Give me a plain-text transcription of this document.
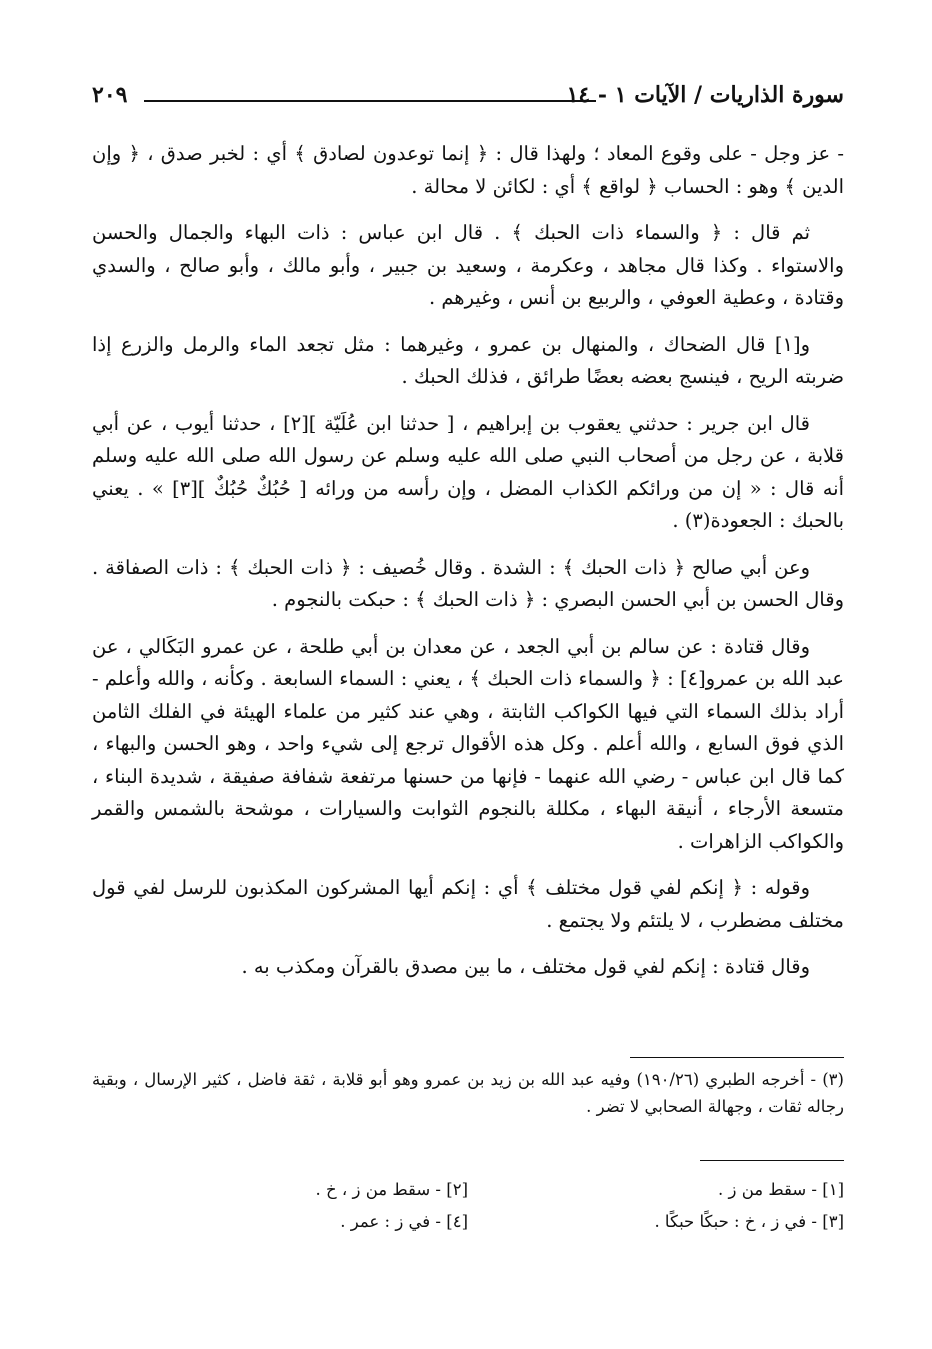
سورة الذاريات / الآيات ١ - ١٤
٢٠٩

- عز وجل - على وقوع المعاد ؛ ولهذا قال : ﴿ إنما توعدون لصادق ﴾ أي : لخبر صدق ، ﴿ وإن الدين ﴾ وهو : الحساب ﴿ لواقع ﴾ أي : لكائن لا محالة .

ثم قال : ﴿ والسماء ذات الحبك ﴾ . قال ابن عباس : ذات البهاء والجمال والحسن والاستواء . وكذا قال مجاهد ، وعكرمة ، وسعيد بن جبير ، وأبو مالك ، وأبو صالح ، والسدي وقتادة ، وعطية العوفي ، والربيع بن أنس ، وغيرهم .

و[١] قال الضحاك ، والمنهال بن عمرو ، وغيرهما : مثل تجعد الماء والرمل والزرع إذا ضربته الريح ، فينسج بعضه بعضًا طرائق ، فذلك الحبك .

قال ابن جرير : حدثني يعقوب بن إبراهيم ، [ حدثنا ابن عُلَيّة ][٢] ، حدثنا أيوب ، عن أبي قلابة ، عن رجل من أصحاب النبي صلى الله عليه وسلم عن رسول الله صلى الله عليه وسلم أنه قال : « إن من ورائكم الكذاب المضل ، وإن رأسه من ورائه [ حُبُكٌ حُبُكٌ ][٣] » . يعني بالحبك : الجعودة(٣) .

وعن أبي صالح ﴿ ذات الحبك ﴾ : الشدة . وقال خُصيف : ﴿ ذات الحبك ﴾ : ذات الصفاقة . وقال الحسن بن أبي الحسن البصري : ﴿ ذات الحبك ﴾ : حبكت بالنجوم .

وقال قتادة : عن سالم بن أبي الجعد ، عن معدان بن أبي طلحة ، عن عمرو البَكَالي ، عن عبد الله بن عمرو[٤] : ﴿ والسماء ذات الحبك ﴾ ، يعني : السماء السابعة . وكأنه ، والله وأعلم - أراد بذلك السماء التي فيها الكواكب الثابتة ، وهي عند كثير من علماء الهيئة في الفلك الثامن الذي فوق السابع ، والله أعلم . وكل هذه الأقوال ترجع إلى شيء واحد ، وهو الحسن والبهاء ، كما قال ابن عباس - رضي الله عنهما - فإنها من حسنها مرتفعة شفافة صفيقة ، شديدة البناء ، متسعة الأرجاء ، أنيقة البهاء ، مكللة بالنجوم الثوابت والسيارات ، موشحة بالشمس والقمر والكواكب الزاهرات .

وقوله : ﴿ إنكم لفي قول مختلف ﴾ أي : إنكم أيها المشركون المكذبون للرسل لفي قول مختلف مضطرب ، لا يلتئم ولا يجتمع .

وقال قتادة : إنكم لفي قول مختلف ، ما بين مصدق بالقرآن ومكذب به .

(٣) - أخرجه الطبري (١٩٠/٢٦) وفيه عبد الله بن زيد بن عمرو وهو أبو قلابة ، ثقة فاضل ، كثير الإرسال ، وبقية رجاله ثقات ، وجهالة الصحابي لا تضر .

[١] - سقط من ز .
[٢] - سقط من ز ، خ .
[٣] - في ز ، خ : حبكًا حبكًا .
[٤] - في ز : عمر .
